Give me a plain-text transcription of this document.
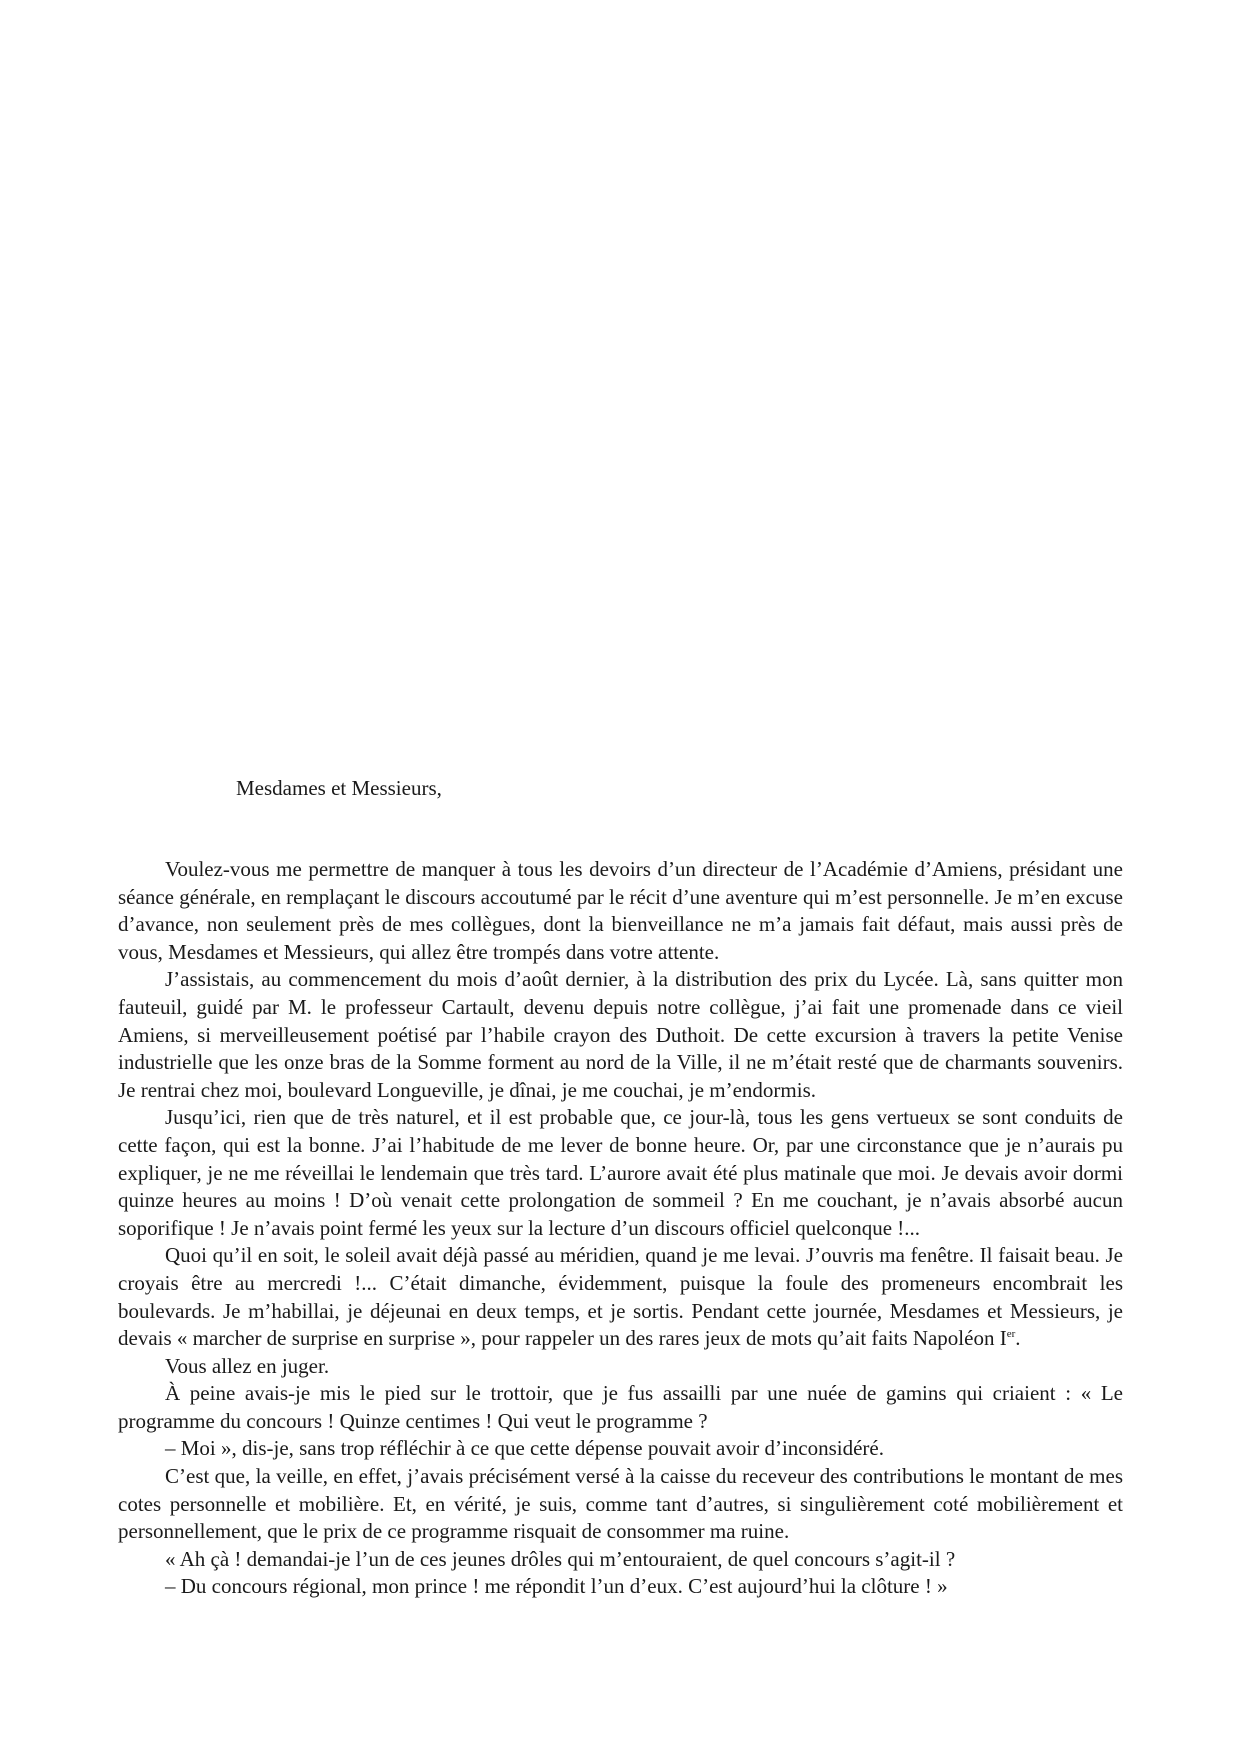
Mesdames et Messieurs,

Voulez-vous me permettre de manquer à tous les devoirs d’un directeur de l’Académie d’Amiens, présidant une séance générale, en remplaçant le discours accoutumé par le récit d’une aventure qui m’est personnelle. Je m’en excuse d’avance, non seulement près de mes collègues, dont la bienveillance ne m’a jamais fait défaut, mais aussi près de vous, Mesdames et Messieurs, qui allez être trompés dans votre attente.

J’assistais, au commencement du mois d’août dernier, à la distribution des prix du Lycée. Là, sans quitter mon fauteuil, guidé par M. le professeur Cartault, devenu depuis notre collègue, j’ai fait une promenade dans ce vieil Amiens, si merveilleusement poétisé par l’habile crayon des Duthoit. De cette excursion à travers la petite Venise industrielle que les onze bras de la Somme forment au nord de la Ville, il ne m’était resté que de charmants souvenirs. Je rentrai chez moi, boulevard Longueville, je dînai, je me couchai, je m’endormis.

Jusqu’ici, rien que de très naturel, et il est probable que, ce jour-là, tous les gens vertueux se sont conduits de cette façon, qui est la bonne. J’ai l’habitude de me lever de bonne heure. Or, par une circonstance que je n’aurais pu expliquer, je ne me réveillai le lendemain que très tard. L’aurore avait été plus matinale que moi. Je devais avoir dormi quinze heures au moins ! D’où venait cette prolongation de sommeil ? En me couchant, je n’avais absorbé aucun soporifique ! Je n’avais point fermé les yeux sur la lecture d’un discours officiel quelconque !...

Quoi qu’il en soit, le soleil avait déjà passé au méridien, quand je me levai. J’ouvris ma fenêtre. Il faisait beau. Je croyais être au mercredi !... C’était dimanche, évidemment, puisque la foule des promeneurs encombrait les boulevards. Je m’habillai, je déjeunai en deux temps, et je sortis. Pendant cette journée, Mesdames et Messieurs, je devais « marcher de surprise en surprise », pour rappeler un des rares jeux de mots qu’ait faits Napoléon Ier.

Vous allez en juger.

À peine avais-je mis le pied sur le trottoir, que je fus assailli par une nuée de gamins qui criaient : « Le programme du concours ! Quinze centimes ! Qui veut le programme ?

– Moi », dis-je, sans trop réfléchir à ce que cette dépense pouvait avoir d’inconsidéré.

C’est que, la veille, en effet, j’avais précisément versé à la caisse du receveur des contributions le montant de mes cotes personnelle et mobilière. Et, en vérité, je suis, comme tant d’autres, si singulièrement coté mobilièrement et personnellement, que le prix de ce programme risquait de consommer ma ruine.

« Ah çà ! demandai-je l’un de ces jeunes drôles qui m’entouraient, de quel concours s’agit-il ?

– Du concours régional, mon prince ! me répondit l’un d’eux. C’est aujourd’hui la clôture ! »
